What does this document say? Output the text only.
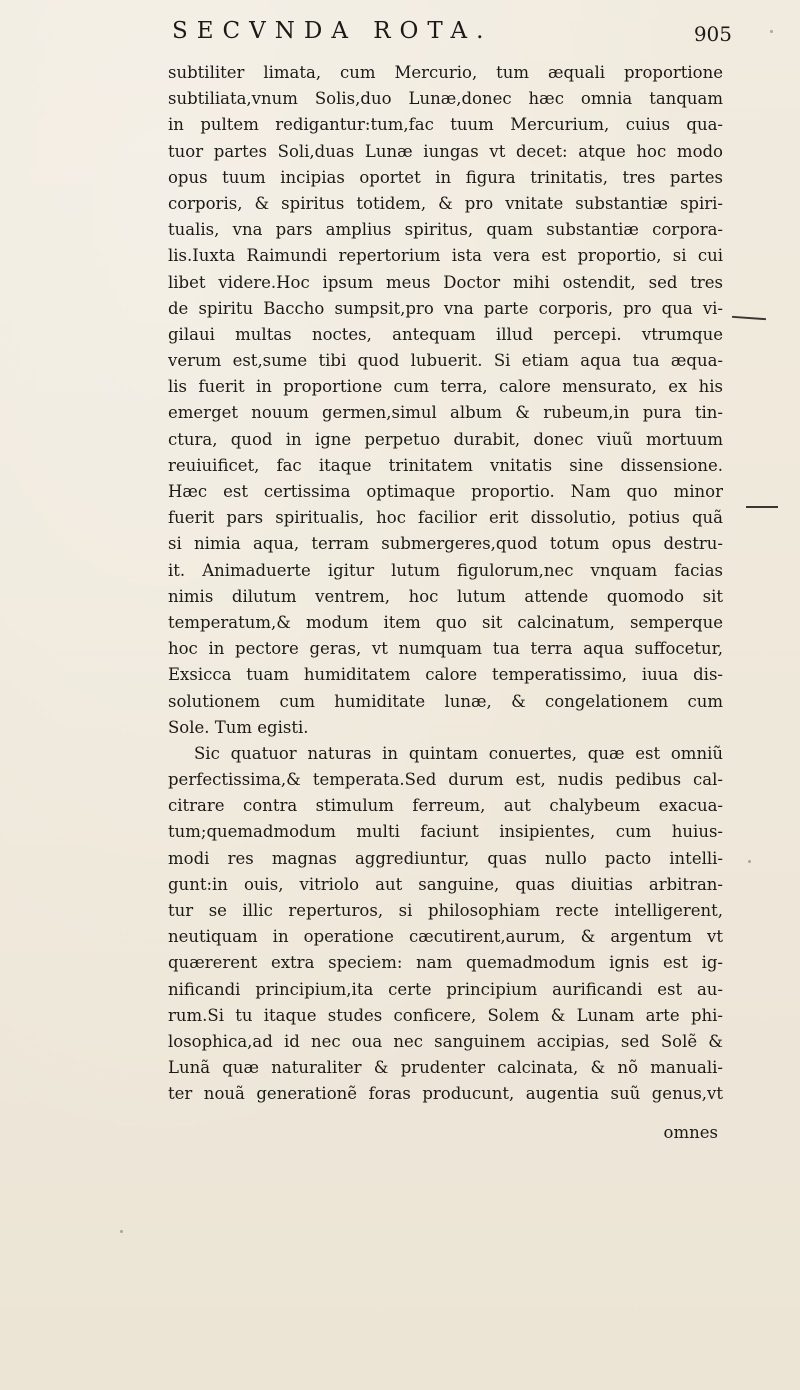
SECVNDA ROTA.	905
subtiliter limata, cum Mercurio, tum æquali proportione
subtiliata,vnum Solis,duo Lunæ,donec hæc omnia tanquam
in pultem redigantur:tum,fac tuum Mercurium, cuius qua-
tuor partes Soli,duas Lunæ iungas vt decet: atque hoc modo
opus tuum incipias oportet in figura trinitatis, tres partes
corporis, & spiritus totidem, & pro vnitate substantiæ spiri-
tualis, vna pars amplius spiritus, quam substantiæ corpora-
lis.Iuxta Raimundi repertorium ista vera est proportio, si cui
libet videre.Hoc ipsum meus Doctor mihi ostendit, sed tres
de spiritu Baccho sumpsit,pro vna parte corporis, pro qua vi-
gilaui multas noctes, antequam illud percepi. vtrumque
verum est,sume tibi quod lubuerit. Si etiam aqua tua æqua-
lis fuerit in proportione cum terra, calore mensurato, ex his
emerget nouum germen,simul album & rubeum,in pura tin-
ctura, quod in igne perpetuo durabit, donec viuũ mortuum
reuiuificet, fac itaque trinitatem vnitatis sine dissensione.
Hæc est certissima optimaque proportio. Nam quo minor
fuerit pars spiritualis, hoc facilior erit dissolutio, potius quã
si nimia aqua, terram submergeres,quod totum opus destru-
it. Animaduerte igitur lutum figulorum,nec vnquam facias
nimis dilutum ventrem, hoc lutum attende quomodo sit
temperatum,& modum item quo sit calcinatum, semperque
hoc in pectore geras, vt numquam tua terra aqua suffocetur,
Exsicca tuam humiditatem calore temperatissimo, iuua dis-
solutionem cum humiditate lunæ, & congelationem cum
Sole. Tum egisti.
Sic quatuor naturas in quintam conuertes, quæ est omniũ
perfectissima,& temperata.Sed durum est, nudis pedibus cal-
citrare contra stimulum ferreum, aut chalybeum exacua-
tum;quemadmodum multi faciunt insipientes, cum huius-
modi res magnas aggrediuntur, quas nullo pacto intelli-
gunt:in ouis, vitriolo aut sanguine, quas diuitias arbitran-
tur se illic reperturos, si philosophiam recte intelligerent,
neutiquam in operatione cæcutirent,aurum, & argentum vt
quærerent extra speciem: nam quemadmodum ignis est ig-
nificandi principium,ita certe principium aurificandi est au-
rum.Si tu itaque studes conficere, Solem & Lunam arte phi-
losophica,ad id nec oua nec sanguinem accipias, sed Solẽ &
Lunã quæ naturaliter & prudenter calcinata, & nõ manuali-
ter nouã generationẽ foras producunt, augentia suũ genus,vt
omnes
